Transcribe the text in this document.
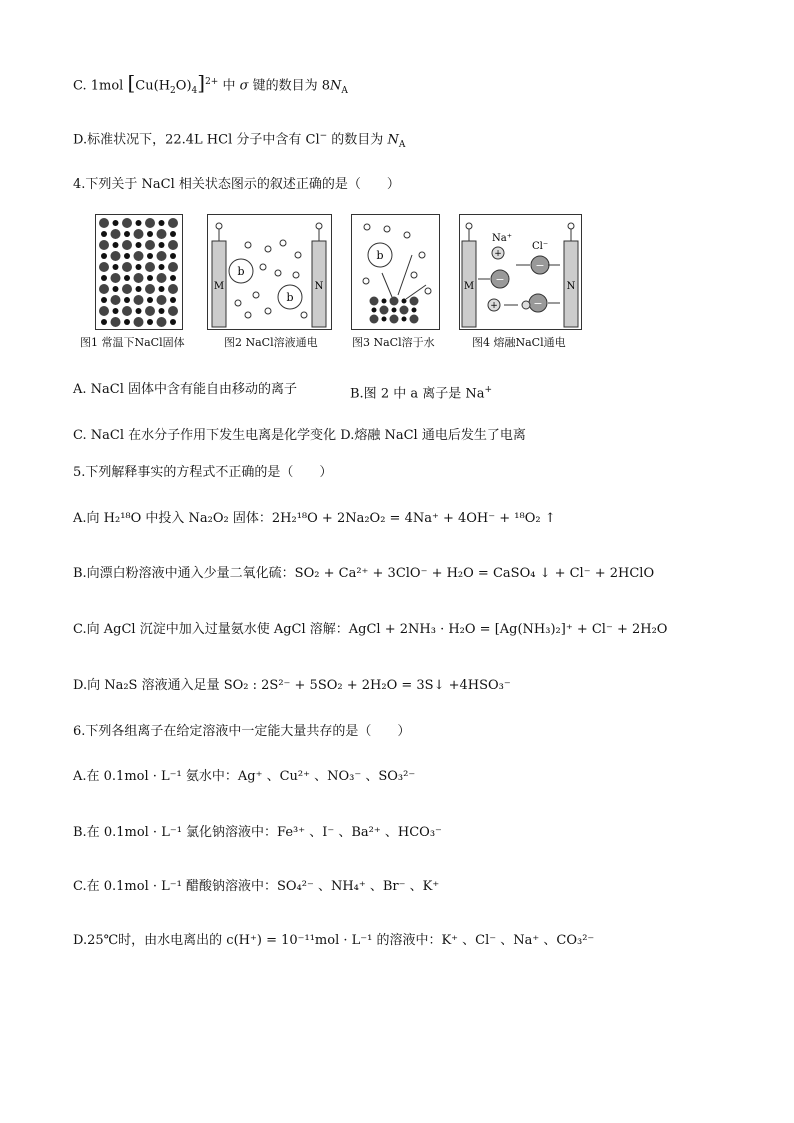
C. 1mol $[Cu(H_2O)_4]^{2+}$ 中 σ 键的数目为 $8N_A$
D.标准状况下，22.4L HCl 分子中含有 Cl− 的数目为 $N_A$
4.下列关于 NaCl 相关状态图示的叙述正确的是（　　）
图1 常温下NaCl固体
M	N
b
b
图2 NaCl溶液通电
b
图3 NaCl溶于水
M	N
Na⁺
Cl⁻
+
−
−
+	−
图4 熔融NaCl通电
A. NaCl 固体中含有能自由移动的离子	B.图 2 中 a 离子是 Na+
C. NaCl 在水分子作用下发生电离是化学变化 D.熔融 NaCl 通电后发生了电离
5.下列解释事实的方程式不正确的是（　　）
A.向 H₂¹⁸O 中投入 Na₂O₂ 固体：2H₂¹⁸O + 2Na₂O₂ = 4Na⁺ + 4OH⁻ + ¹⁸O₂ ↑
B.向漂白粉溶液中通入少量二氧化硫：SO₂ + Ca²⁺ + 3ClO⁻ + H₂O = CaSO₄ ↓ + Cl⁻ + 2HClO
C.向 AgCl 沉淀中加入过量氨水使 AgCl 溶解：AgCl + 2NH₃ · H₂O = [Ag(NH₃)₂]⁺ + Cl⁻ + 2H₂O
D.向 Na₂S 溶液通入足量 SO₂ : 2S²⁻ + 5SO₂ + 2H₂O = 3S↓ +4HSO₃⁻
6.下列各组离子在给定溶液中一定能大量共存的是（　　）
A.在 0.1mol · L⁻¹ 氨水中：Ag⁺ 、Cu²⁺ 、NO₃⁻ 、SO₃²⁻
B.在 0.1mol · L⁻¹ 氯化钠溶液中：Fe³⁺ 、I⁻ 、Ba²⁺ 、HCO₃⁻
C.在 0.1mol · L⁻¹ 醋酸钠溶液中：SO₄²⁻ 、NH₄⁺ 、Br⁻ 、K⁺
D.25℃时，由水电离出的 c(H⁺) = 10⁻¹¹mol · L⁻¹ 的溶液中：K⁺ 、Cl⁻ 、Na⁺ 、CO₃²⁻
